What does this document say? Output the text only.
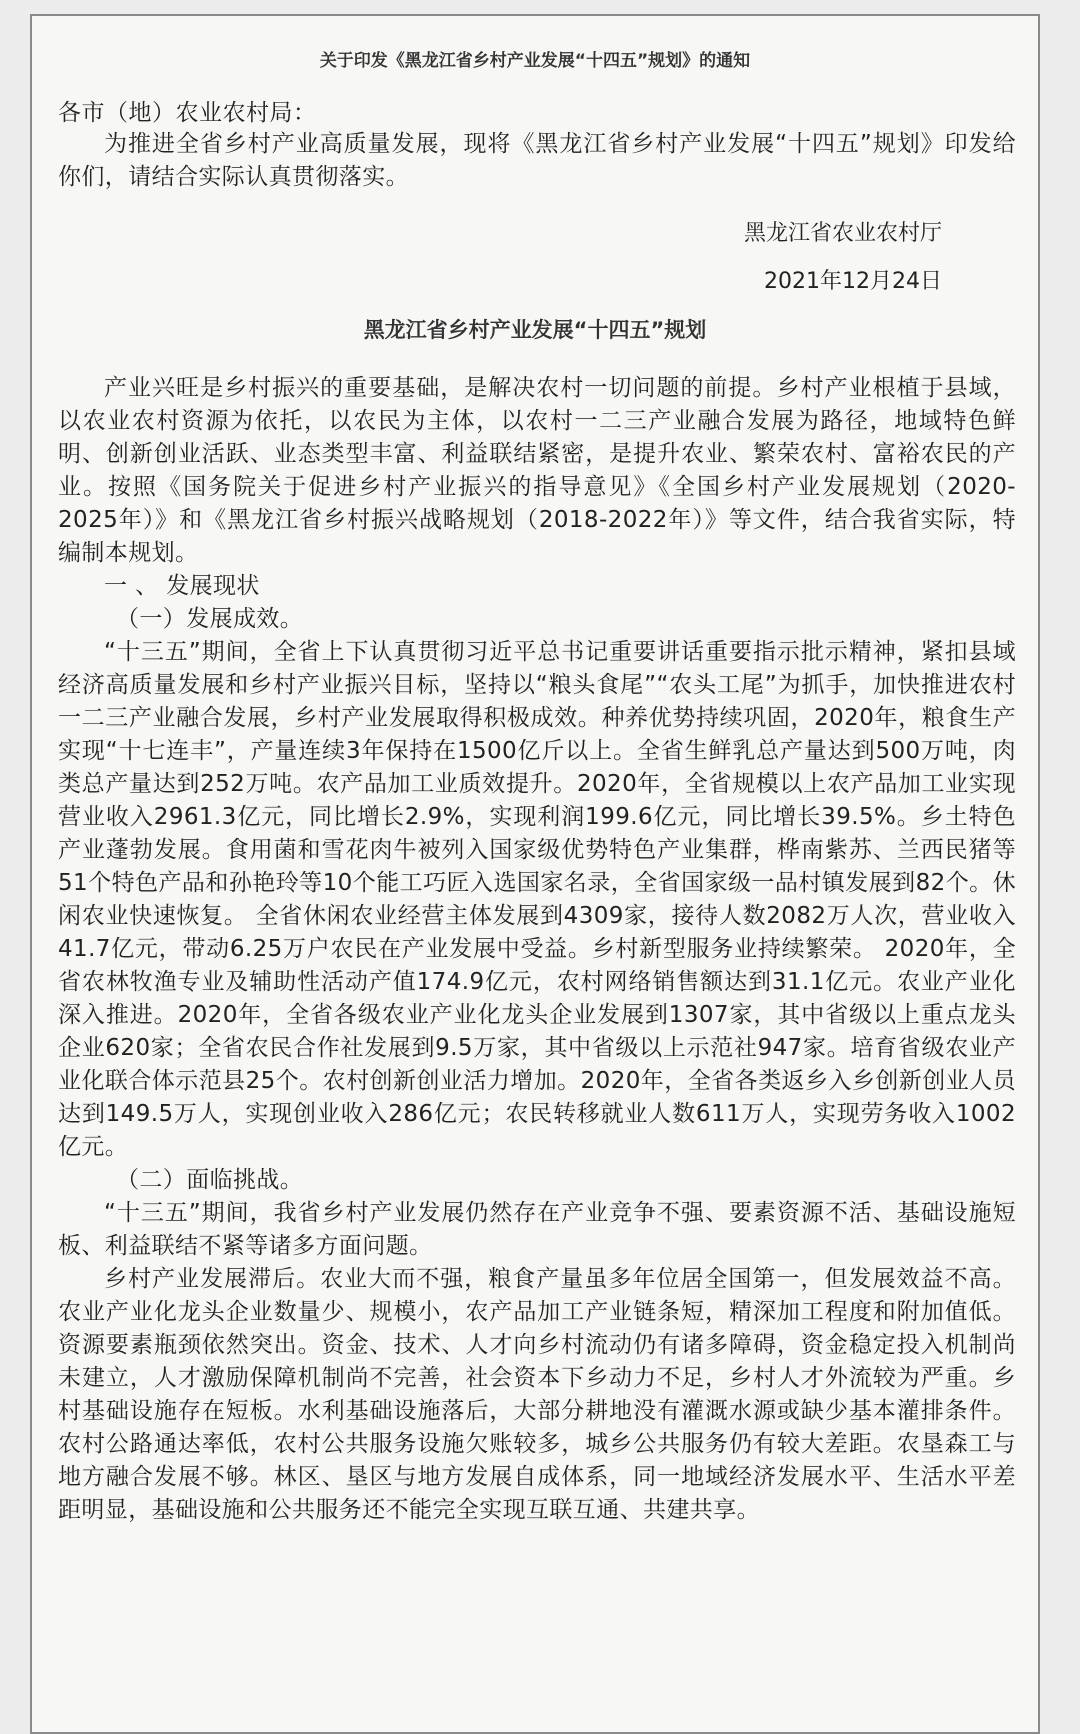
关于印发《黑龙江省乡村产业发展“十四五”规划》的通知
各市（地）农业农村局：

为推进全省乡村产业高质量发展，现将《黑龙江省乡村产业发展“十四五”规划》印发给你们，请结合实际认真贯彻落实。

黑龙江省农业农村厅
2021年12月24日
黑龙江省乡村产业发展“十四五”规划

产业兴旺是乡村振兴的重要基础，是解决农村一切问题的前提。乡村产业根植于县域，以农业农村资源为依托，以农民为主体，以农村一二三产业融合发展为路径，地域特色鲜明、创新创业活跃、业态类型丰富、利益联结紧密，是提升农业、繁荣农村、富裕农民的产业。按照《国务院关于促进乡村产业振兴的指导意见》《全国乡村产业发展规划（2020-2025年）》和《黑龙江省乡村振兴战略规划（2018-2022年）》等文件，结合我省实际，特编制本规划。

一 、 发展现状

（一）发展成效。

“十三五”期间，全省上下认真贯彻习近平总书记重要讲话重要指示批示精神，紧扣县域经济高质量发展和乡村产业振兴目标，坚持以“粮头食尾”“农头工尾”为抓手，加快推进农村一二三产业融合发展，乡村产业发展取得积极成效。种养优势持续巩固，2020年，粮食生产实现“十七连丰”，产量连续3年保持在1500亿斤以上。全省生鲜乳总产量达到500万吨，肉类总产量达到252万吨。农产品加工业质效提升。2020年，全省规模以上农产品加工业实现营业收入2961.3亿元，同比增长2.9%，实现利润199.6亿元，同比增长39.5%。乡土特色产业蓬勃发展。食用菌和雪花肉牛被列入国家级优势特色产业集群，桦南紫苏、兰西民猪等51个特色产品和孙艳玲等10个能工巧匠入选国家名录，全省国家级一品村镇发展到82个。休闲农业快速恢复。 全省休闲农业经营主体发展到4309家，接待人数2082万人次，营业收入41.7亿元，带动6.25万户农民在产业发展中受益。乡村新型服务业持续繁荣。 2020年，全省农林牧渔专业及辅助性活动产值174.9亿元，农村网络销售额达到31.1亿元。农业产业化深入推进。2020年，全省各级农业产业化龙头企业发展到1307家，其中省级以上重点龙头企业620家；全省农民合作社发展到9.5万家，其中省级以上示范社947家。培育省级农业产业化联合体示范县25个。农村创新创业活力增加。2020年，全省各类返乡入乡创新创业人员达到149.5万人，实现创业收入286亿元；农民转移就业人数611万人，实现劳务收入1002亿元。

（二）面临挑战。

“十三五”期间，我省乡村产业发展仍然存在产业竞争不强、要素资源不活、基础设施短板、利益联结不紧等诸多方面问题。

乡村产业发展滞后。农业大而不强，粮食产量虽多年位居全国第一，但发展效益不高。农业产业化龙头企业数量少、规模小，农产品加工产业链条短，精深加工程度和附加值低。资源要素瓶颈依然突出。资金、技术、人才向乡村流动仍有诸多障碍，资金稳定投入机制尚未建立，人才激励保障机制尚不完善，社会资本下乡动力不足，乡村人才外流较为严重。乡村基础设施存在短板。水利基础设施落后，大部分耕地没有灌溉水源或缺少基本灌排条件。农村公路通达率低，农村公共服务设施欠账较多，城乡公共服务仍有较大差距。农垦森工与地方融合发展不够。林区、垦区与地方发展自成体系，同一地域经济发展水平、生活水平差距明显，基础设施和公共服务还不能完全实现互联互通、共建共享。
